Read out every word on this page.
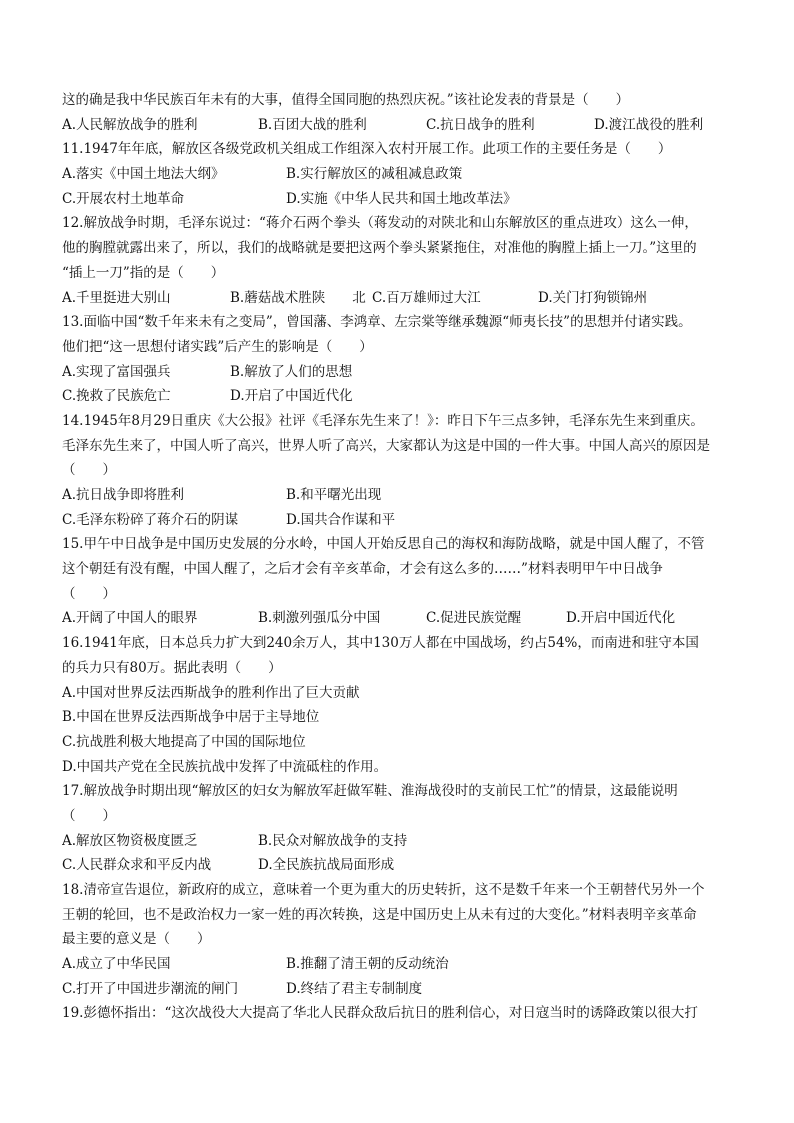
这的确是我中华民族百年未有的大事，值得全国同胞的热烈庆祝。”该社论发表的背景是（　　）
A.人民解放战争的胜利	B.百团大战的胜利	C.抗日战争的胜利	D.渡江战役的胜利
11.1947年年底，解放区各级党政机关组成工作组深入农村开展工作。此项工作的主要任务是（　　）
A.落实《中国土地法大纲》	B.实行解放区的减租减息政策
C.开展农村土地革命	D.实施《中华人民共和国土地改革法》
12.解放战争时期，毛泽东说过：“蒋介石两个拳头（蒋发动的对陕北和山东解放区的重点进攻）这么一伸，
他的胸膛就露出来了，所以，我们的战略就是要把这两个拳头紧紧拖住，对准他的胸膛上插上一刀。”这里的
“插上一刀”指的是（　　）
A.千里挺进大别山	B.蘑菇战术胜陕　　北 C.百万雄师过大江	D.关门打狗锁锦州
13.面临中国“数千年来未有之变局”，曾国藩、李鸿章、左宗棠等继承魏源“师夷长技”的思想并付诸实践。
他们把“这一思想付诸实践”后产生的影响是（　　）
A.实现了富国强兵	B.解放了人们的思想
C.挽救了民族危亡	D.开启了中国近代化
14.1945年8月29日重庆《大公报》社评《毛泽东先生来了！》：昨日下午三点多钟，毛泽东先生来到重庆。
毛泽东先生来了，中国人听了高兴，世界人听了高兴，大家都认为这是中国的一件大事。中国人高兴的原因是
（　　）
A.抗日战争即将胜利	B.和平曙光出现
C.毛泽东粉碎了蒋介石的阴谋	D.国共合作谋和平
15.甲午中日战争是中国历史发展的分水岭，中国人开始反思自己的海权和海防战略，就是中国人醒了，不管
这个朝廷有没有醒，中国人醒了，之后才会有辛亥革命，才会有这么多的……”材料表明甲午中日战争
（　　）
A.开阔了中国人的眼界	B.刺激列强瓜分中国	C.促进民族觉醒	D.开启中国近代化
16.1941年底，日本总兵力扩大到240余万人，其中130万人都在中国战场，约占54%，而南进和驻守本国
的兵力只有80万。据此表明（　　）
A.中国对世界反法西斯战争的胜利作出了巨大贡献
B.中国在世界反法西斯战争中居于主导地位
C.抗战胜利极大地提高了中国的国际地位
D.中国共产党在全民族抗战中发挥了中流砥柱的作用。
17.解放战争时期出现“解放区的妇女为解放军赶做军鞋、淮海战役时的支前民工忙”的情景，这最能说明
（　　）
A.解放区物资极度匮乏	B.民众对解放战争的支持
C.人民群众求和平反内战	D.全民族抗战局面形成
18.清帝宣告退位，新政府的成立，意味着一个更为重大的历史转折，这不是数千年来一个王朝替代另外一个
王朝的轮回，也不是政治权力一家一姓的再次转换，这是中国历史上从未有过的大变化。”材料表明辛亥革命
最主要的意义是（　　）
A.成立了中华民国	B.推翻了清王朝的反动统治
C.打开了中国进步潮流的闸门	D.终结了君主专制制度
19.彭德怀指出：“这次战役大大提高了华北人民群众敌后抗日的胜利信心，对日寇当时的诱降政策以很大打
